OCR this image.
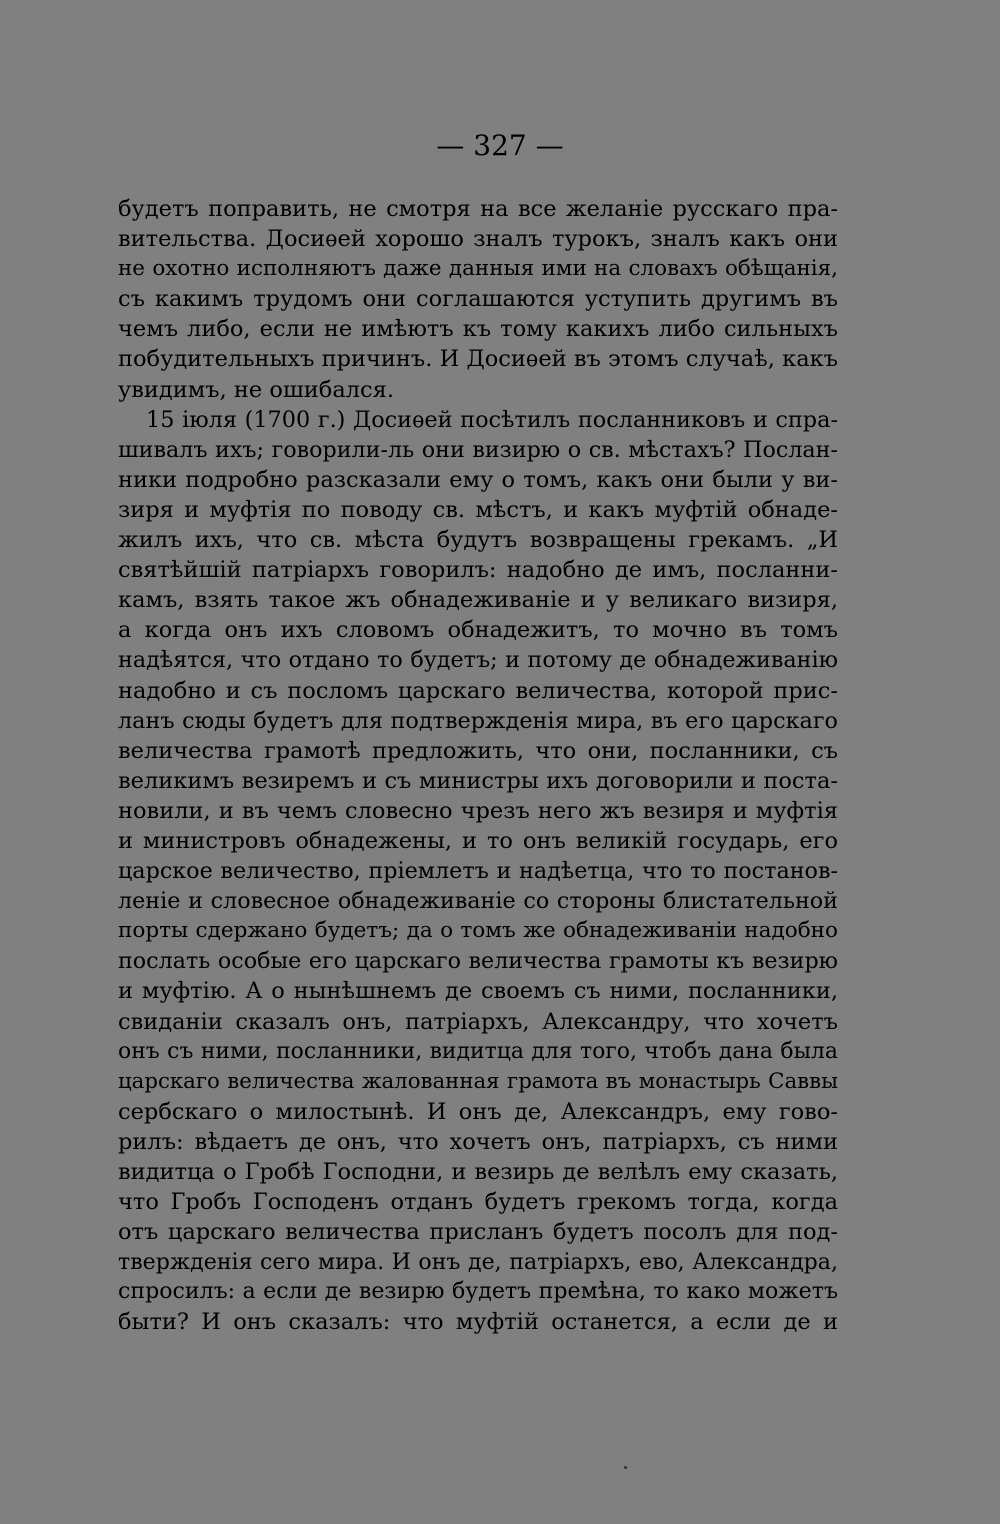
— 327 —
будетъ поправить, не смотря на все желаніе русскаго пра-
вительства. Досиѳей хорошо зналъ турокъ, зналъ какъ они
не охотно исполняютъ даже данныя ими на словахъ обѣщанія,
съ какимъ трудомъ они соглашаются уступить другимъ въ
чемъ либо, если не имѣютъ къ тому какихъ либо сильныхъ
побудительныхъ причинъ. И Досиѳей въ этомъ случаѣ, какъ
увидимъ, не ошибался.
15 іюля (1700 г.) Досиѳей посѣтилъ посланниковъ и спра-
шивалъ ихъ; говорили-ль они визирю о св. мѣстахъ? Послан-
ники подробно разсказали ему о томъ, какъ они были у ви-
зиря и муфтія по поводу св. мѣстъ, и какъ муфтій обнаде-
жилъ ихъ, что св. мѣста будутъ возвращены грекамъ. „И
святѣйшій патріархъ говорилъ: надобно де имъ, посланни-
камъ, взять такое жъ обнадеживаніе и у великаго визиря,
а когда онъ ихъ словомъ обнадежитъ, то мочно въ томъ
надѣятся, что отдано то будетъ; и потому де обнадеживанію
надобно и съ посломъ царскаго величества, которой прис-
ланъ сюды будетъ для подтвержденія мира, въ его царскаго
величества грамотѣ предложить, что они, посланники, съ
великимъ везиремъ и съ министры ихъ договорили и поста-
новили, и въ чемъ словесно чрезъ него жъ везиря и муфтія
и министровъ обнадежены, и то онъ великій государь, его
царское величество, пріемлетъ и надѣетца, что то постанов-
леніе и словесное обнадеживаніе со стороны блистательной
порты сдержано будетъ; да о томъ же обнадеживаніи надобно
послать особые его царскаго величества грамоты къ везирю
и муфтію. А о нынѣшнемъ де своемъ съ ними, посланники,
свиданіи сказалъ онъ, патріархъ, Александру, что хочетъ
онъ съ ними, посланники, видитца для того, чтобъ дана была
царскаго величества жалованная грамота въ монастырь Саввы
сербскаго о милостынѣ. И онъ де, Александръ, ему гово-
рилъ: вѣдаетъ де онъ, что хочетъ онъ, патріархъ, съ ними
видитца о Гробѣ Господни, и везирь де велѣлъ ему сказать,
что Гробъ Господенъ отданъ будетъ грекомъ тогда, когда
отъ царскаго величества присланъ будетъ посолъ для под-
твержденія сего мира. И онъ де, патріархъ, ево, Александра,
спросилъ: а если де везирю будетъ премѣна, то како можетъ
быти? И онъ сказалъ: что муфтій останется, а если де и
